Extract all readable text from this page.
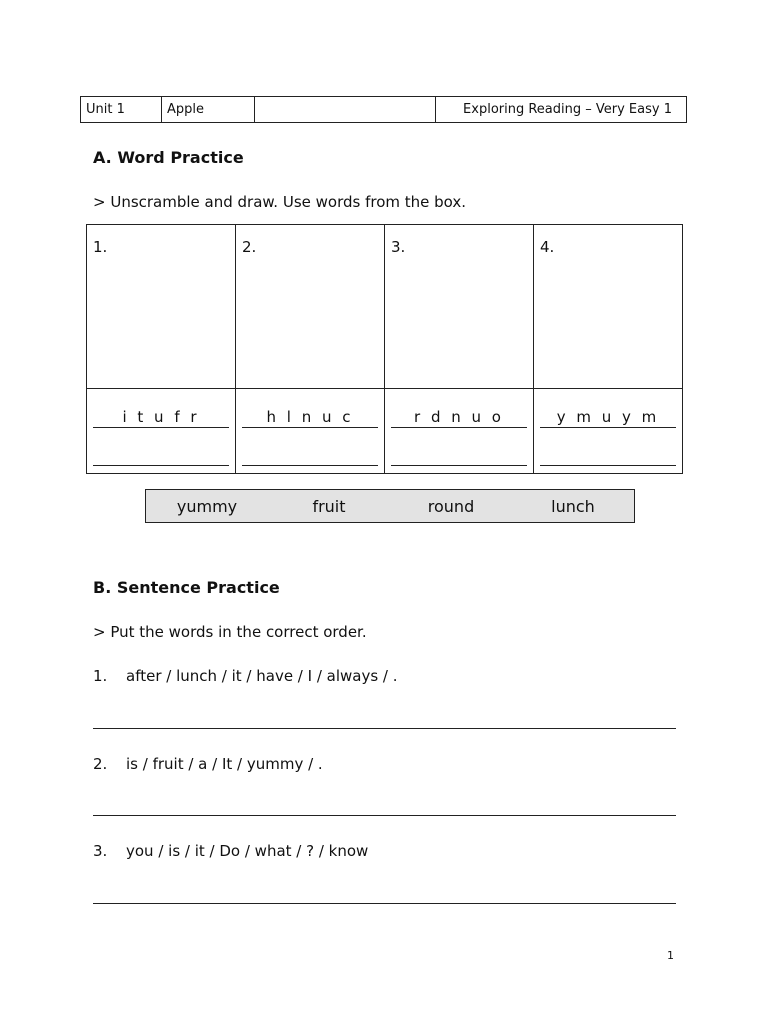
Unit 1	Apple		Exploring Reading – Very Easy 1
A. Word Practice
> Unscramble and draw. Use words from the box.
1.
i t u f r
2.
h l n u c
3.
r d n u o
4.
y m u y m
yummy	fruit	round	lunch
B. Sentence Practice
> Put the words in the correct order.
1. after / lunch / it / have / I / always / .
2. is / fruit / a / It / yummy / .
3. you / is / it / Do / what / ? / know
1
